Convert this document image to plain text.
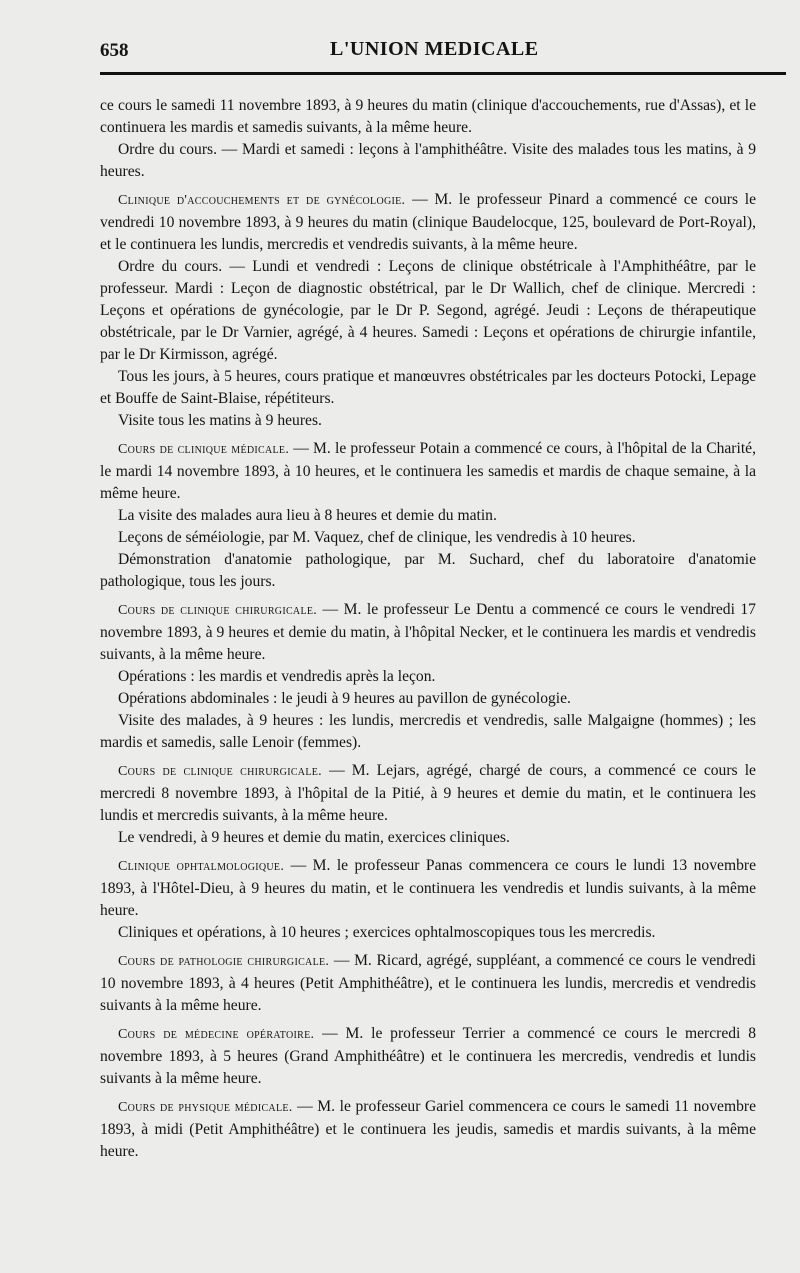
658	L'UNION MEDICALE

ce cours le samedi 11 novembre 1893, à 9 heures du matin (clinique d'accouchements, rue d'Assas), et le continuera les mardis et samedis suivants, à la même heure.

Ordre du cours. — Mardi et samedi : leçons à l'amphithéâtre. Visite des malades tous les matins, à 9 heures.

Clinique d'accouchements et de gynécologie. — M. le professeur Pinard a commencé ce cours le vendredi 10 novembre 1893, à 9 heures du matin (clinique Baudelocque, 125, boulevard de Port-Royal), et le continuera les lundis, mercredis et vendredis suivants, à la même heure.

Ordre du cours. — Lundi et vendredi : Leçons de clinique obstétricale à l'Amphithéâtre, par le professeur. Mardi : Leçon de diagnostic obstétrical, par le Dr Wallich, chef de clinique. Mercredi : Leçons et opérations de gynécologie, par le Dr P. Segond, agrégé. Jeudi : Leçons de thérapeutique obstétricale, par le Dr Varnier, agrégé, à 4 heures. Samedi : Leçons et opérations de chirurgie infantile, par le Dr Kirmisson, agrégé.

Tous les jours, à 5 heures, cours pratique et manœuvres obstétricales par les docteurs Potocki, Lepage et Bouffe de Saint-Blaise, répétiteurs.

Visite tous les matins à 9 heures.

Cours de clinique médicale. — M. le professeur Potain a commencé ce cours, à l'hôpital de la Charité, le mardi 14 novembre 1893, à 10 heures, et le continuera les samedis et mardis de chaque semaine, à la même heure.

La visite des malades aura lieu à 8 heures et demie du matin.

Leçons de séméiologie, par M. Vaquez, chef de clinique, les vendredis à 10 heures.

Démonstration d'anatomie pathologique, par M. Suchard, chef du laboratoire d'anatomie pathologique, tous les jours.

Cours de clinique chirurgicale. — M. le professeur Le Dentu a commencé ce cours le vendredi 17 novembre 1893, à 9 heures et demie du matin, à l'hôpital Necker, et le continuera les mardis et vendredis suivants, à la même heure.

Opérations : les mardis et vendredis après la leçon.

Opérations abdominales : le jeudi à 9 heures au pavillon de gynécologie.

Visite des malades, à 9 heures : les lundis, mercredis et vendredis, salle Malgaigne (hommes) ; les mardis et samedis, salle Lenoir (femmes).

Cours de clinique chirurgicale. — M. Lejars, agrégé, chargé de cours, a commencé ce cours le mercredi 8 novembre 1893, à l'hôpital de la Pitié, à 9 heures et demie du matin, et le continuera les lundis et mercredis suivants, à la même heure.

Le vendredi, à 9 heures et demie du matin, exercices cliniques.

Clinique ophtalmologique. — M. le professeur Panas commencera ce cours le lundi 13 novembre 1893, à l'Hôtel-Dieu, à 9 heures du matin, et le continuera les vendredis et lundis suivants, à la même heure.

Cliniques et opérations, à 10 heures ; exercices ophtalmoscopiques tous les mercredis.

Cours de pathologie chirurgicale. — M. Ricard, agrégé, suppléant, a commencé ce cours le vendredi 10 novembre 1893, à 4 heures (Petit Amphithéâtre), et le continuera les lundis, mercredis et vendredis suivants à la même heure.

Cours de médecine opératoire. — M. le professeur Terrier a commencé ce cours le mercredi 8 novembre 1893, à 5 heures (Grand Amphithéâtre) et le continuera les mercredis, vendredis et lundis suivants à la même heure.

Cours de physique médicale. — M. le professeur Gariel commencera ce cours le samedi 11 novembre 1893, à midi (Petit Amphithéâtre) et le continuera les jeudis, samedis et mardis suivants, à la même heure.
